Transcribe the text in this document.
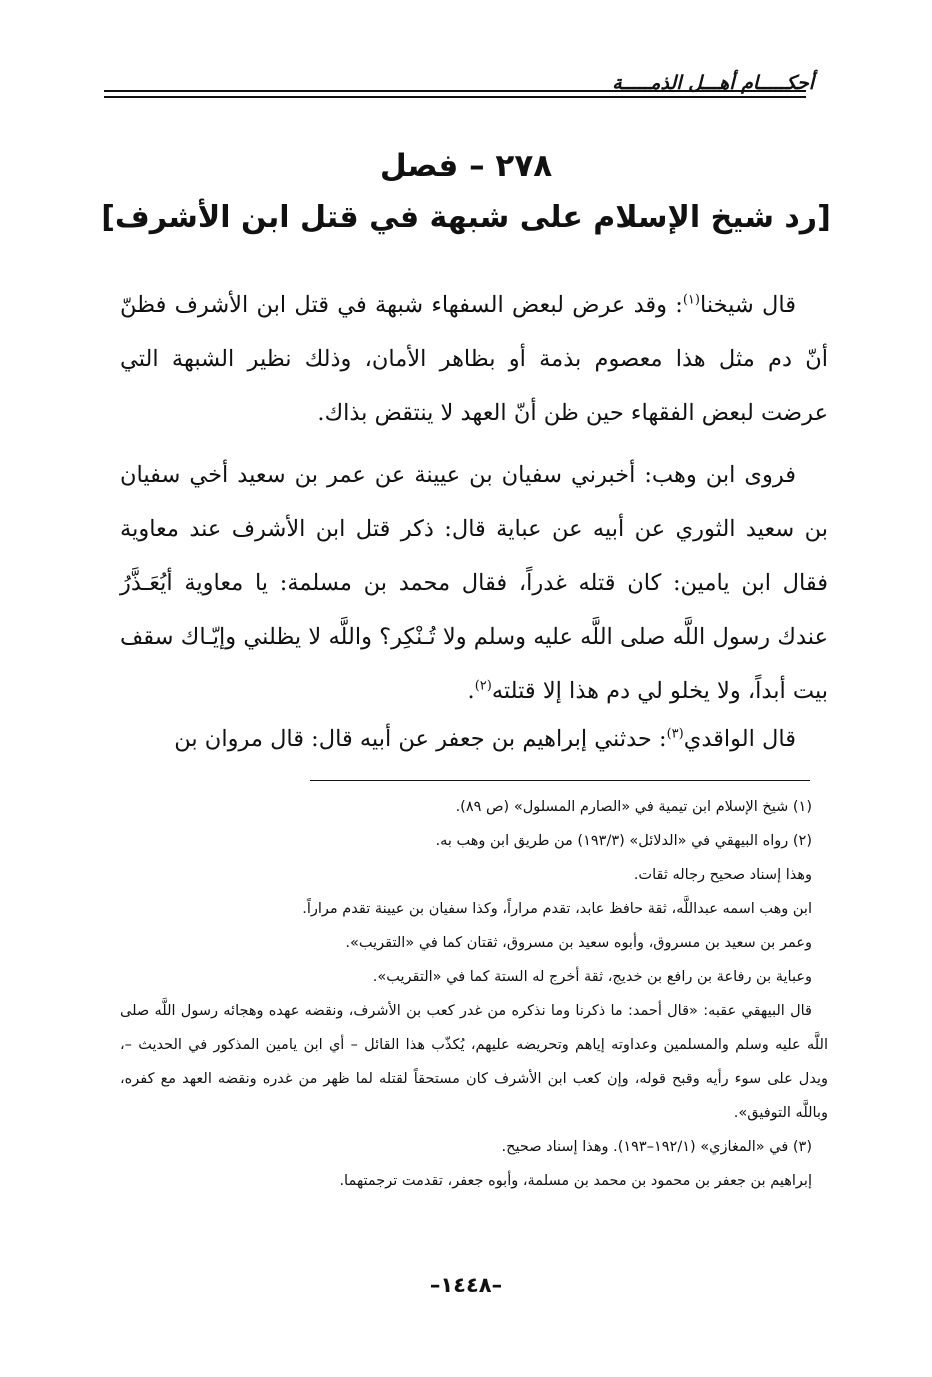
أحكـــــام أهـــل الذمـــــة
٢٧٨ – فصل
[رد شيخ الإسلام على شبهة في قتل ابن الأشرف]

قال شيخنا$^{(١)}$: وقد عرض لبعض السفهاء شبهة في قتل ابن الأشرف فظنّ أنّ دم مثل هذا معصوم بذمة أو بظاهر الأمان، وذلك نظير الشبهة التي عرضت لبعض الفقهاء حين ظن أنّ العهد لا ينتقض بذاك.

فروى ابن وهب: أخبرني سفيان بن عيينة عن عمر بن سعيد أخي سفيان بن سعيد الثوري عن أبيه عن عباية قال: ذكر قتل ابن الأشرف عند معاوية فقال ابن يامين: كان قتله غدراً، فقال محمد بن مسلمة: يا معاوية أيُعَـذَّرُ عندك رسول اللَّه صلى اللَّه عليه وسلم ولا تُـنْكِر؟ واللَّه لا يظلني وإيّـاك سقف بيت أبداً، ولا يخلو لي دم هذا إلا قتلته$^{(٢)}$.

قال الواقدي$^{(٣)}$: حدثني إبراهيم بن جعفر عن أبيه قال: قال مروان بن

(١) شيخ الإسلام ابن تيمية في «الصارم المسلول» (ص ٨٩).

(٢) رواه البيهقي في «الدلائل» (١٩٣/٣) من طريق ابن وهب به.

وهذا إسناد صحيح رجاله ثقات.

ابن وهب اسمه عبداللَّه، ثقة حافظ عابد، تقدم مراراً، وكذا سفيان بن عيينة تقدم مراراً.

وعمر بن سعيد بن مسروق، وأبوه سعيد بن مسروق، ثقتان كما في «التقريب».

وعباية بن رفاعة بن رافع بن خديج، ثقة أخرج له الستة كما في «التقريب».

قال البيهقي عقبه: «قال أحمد: ما ذكرنا وما نذكره من غدر كعب بن الأشرف، ونقضه عهده وهجائه رسول اللَّه صلى اللَّه عليه وسلم والمسلمين وعداوته إياهم وتحريضه عليهم، يُكذّب هذا القائل – أي ابن يامين المذكور في الحديث –، ويدل على سوء رأيه وقبح قوله، وإن كعب ابن الأشرف كان مستحقاً لقتله لما ظهر من غدره ونقضه العهد مع كفره، وباللَّه التوفيق».

(٣) في «المغازي» (١٩٢/١–١٩٣). وهذا إسناد صحيح.

إبراهيم بن جعفر بن محمود بن محمد بن مسلمة، وأبوه جعفر، تقدمت ترجمتهما.

–١٤٤٨–
